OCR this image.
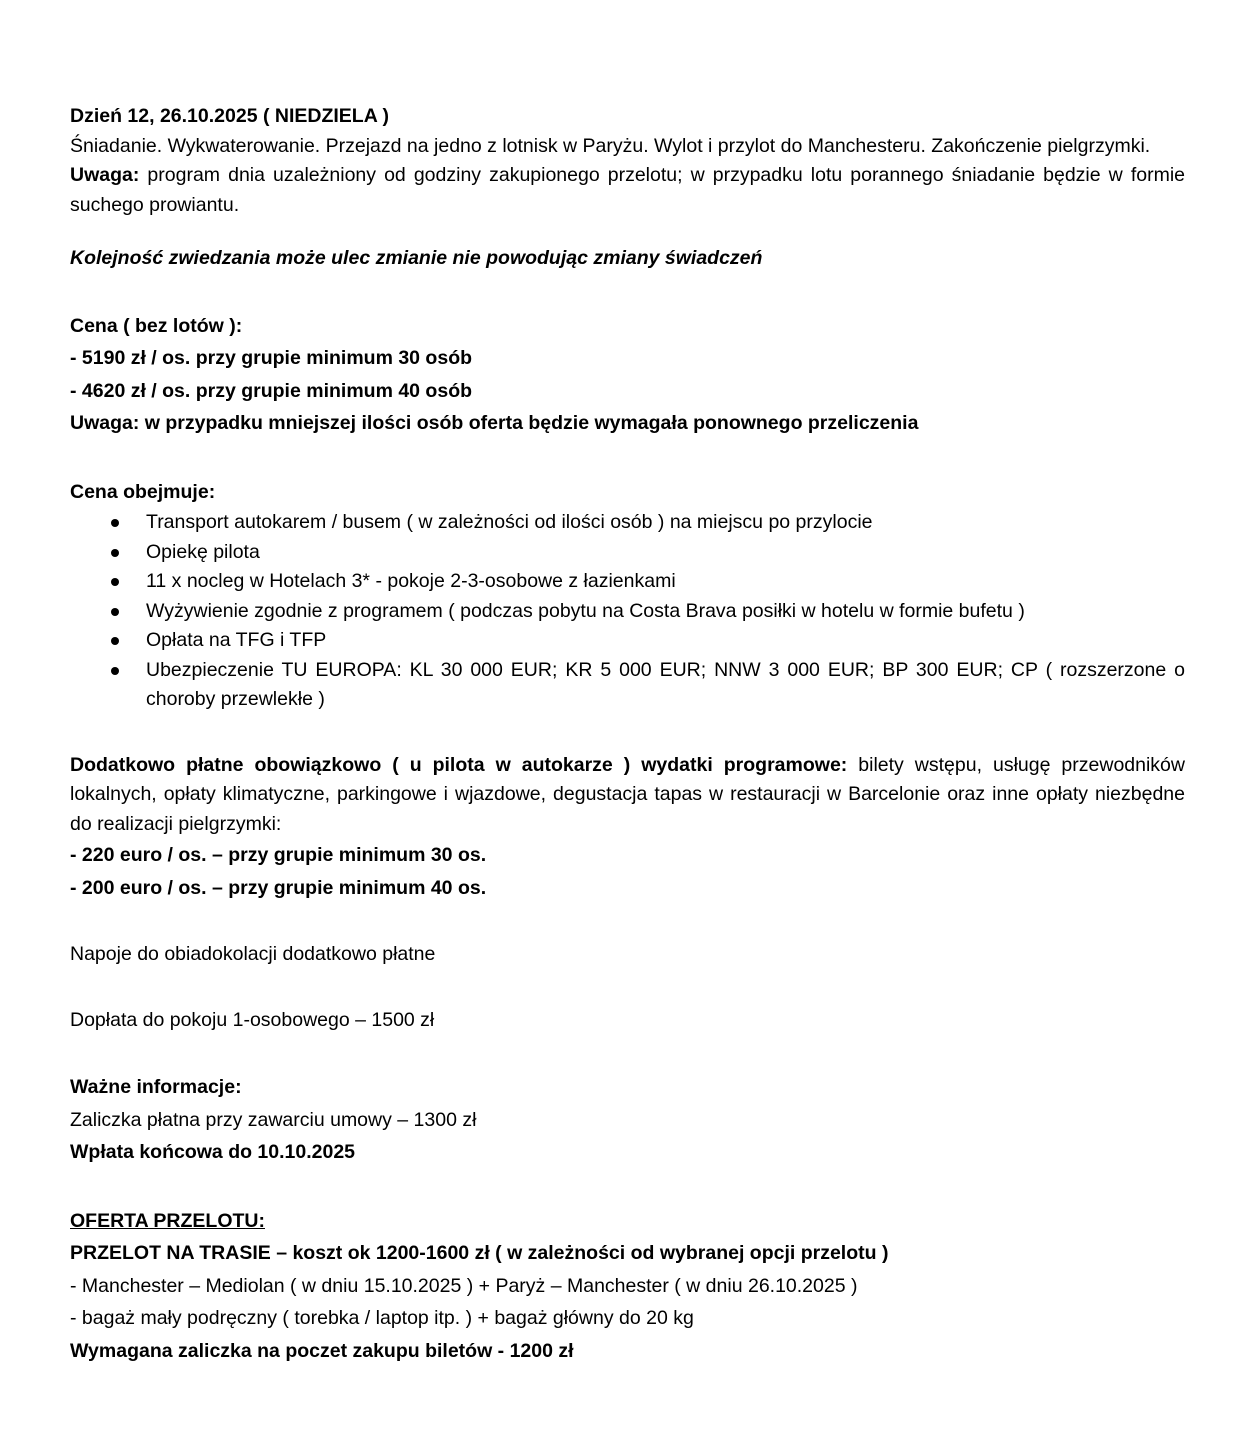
Dzień 12, 26.10.2025 ( NIEDZIELA )

Śniadanie. Wykwaterowanie. Przejazd na jedno z lotnisk w Paryżu. Wylot i przylot do Manchesteru. Zakończenie pielgrzymki.

Uwaga: program dnia uzależniony od godziny zakupionego przelotu; w przypadku lotu porannego śniadanie będzie w formie suchego prowiantu.

Kolejność zwiedzania może ulec zmianie nie powodując zmiany świadczeń

Cena ( bez lotów ):

- 5190 zł / os. przy grupie minimum 30 osób

- 4620 zł / os. przy grupie minimum 40 osób

Uwaga: w przypadku mniejszej ilości osób oferta będzie wymagała ponownego przeliczenia

Cena obejmuje:

Transport autokarem / busem ( w zależności od ilości osób ) na miejscu po przylocie
Opiekę pilota
11 x nocleg w Hotelach 3* - pokoje 2-3-osobowe z łazienkami
Wyżywienie zgodnie z programem ( podczas pobytu na Costa Brava posiłki w hotelu w formie bufetu )
Opłata na TFG i TFP
Ubezpieczenie TU EUROPA: KL 30 000 EUR; KR 5 000 EUR; NNW 3 000 EUR; BP 300 EUR; CP ( rozszerzone o choroby przewlekłe )

Dodatkowo płatne obowiązkowo ( u pilota w autokarze ) wydatki programowe: bilety wstępu, usługę przewodników lokalnych, opłaty klimatyczne, parkingowe i wjazdowe, degustacja tapas w restauracji w Barcelonie oraz inne opłaty niezbędne do realizacji pielgrzymki:

- 220 euro / os. – przy grupie minimum 30 os.

- 200 euro / os. – przy grupie minimum 40 os.

Napoje do obiadokolacji dodatkowo płatne

Dopłata do pokoju 1-osobowego – 1500 zł

Ważne informacje:

Zaliczka płatna przy zawarciu umowy – 1300 zł

Wpłata końcowa do 10.10.2025

OFERTA PRZELOTU:

PRZELOT NA TRASIE – koszt ok 1200-1600 zł ( w zależności od wybranej opcji przelotu )

- Manchester – Mediolan ( w dniu 15.10.2025 ) + Paryż – Manchester ( w dniu 26.10.2025 )

- bagaż mały podręczny ( torebka / laptop itp. ) + bagaż główny do 20 kg

Wymagana zaliczka na poczet zakupu biletów - 1200 zł
